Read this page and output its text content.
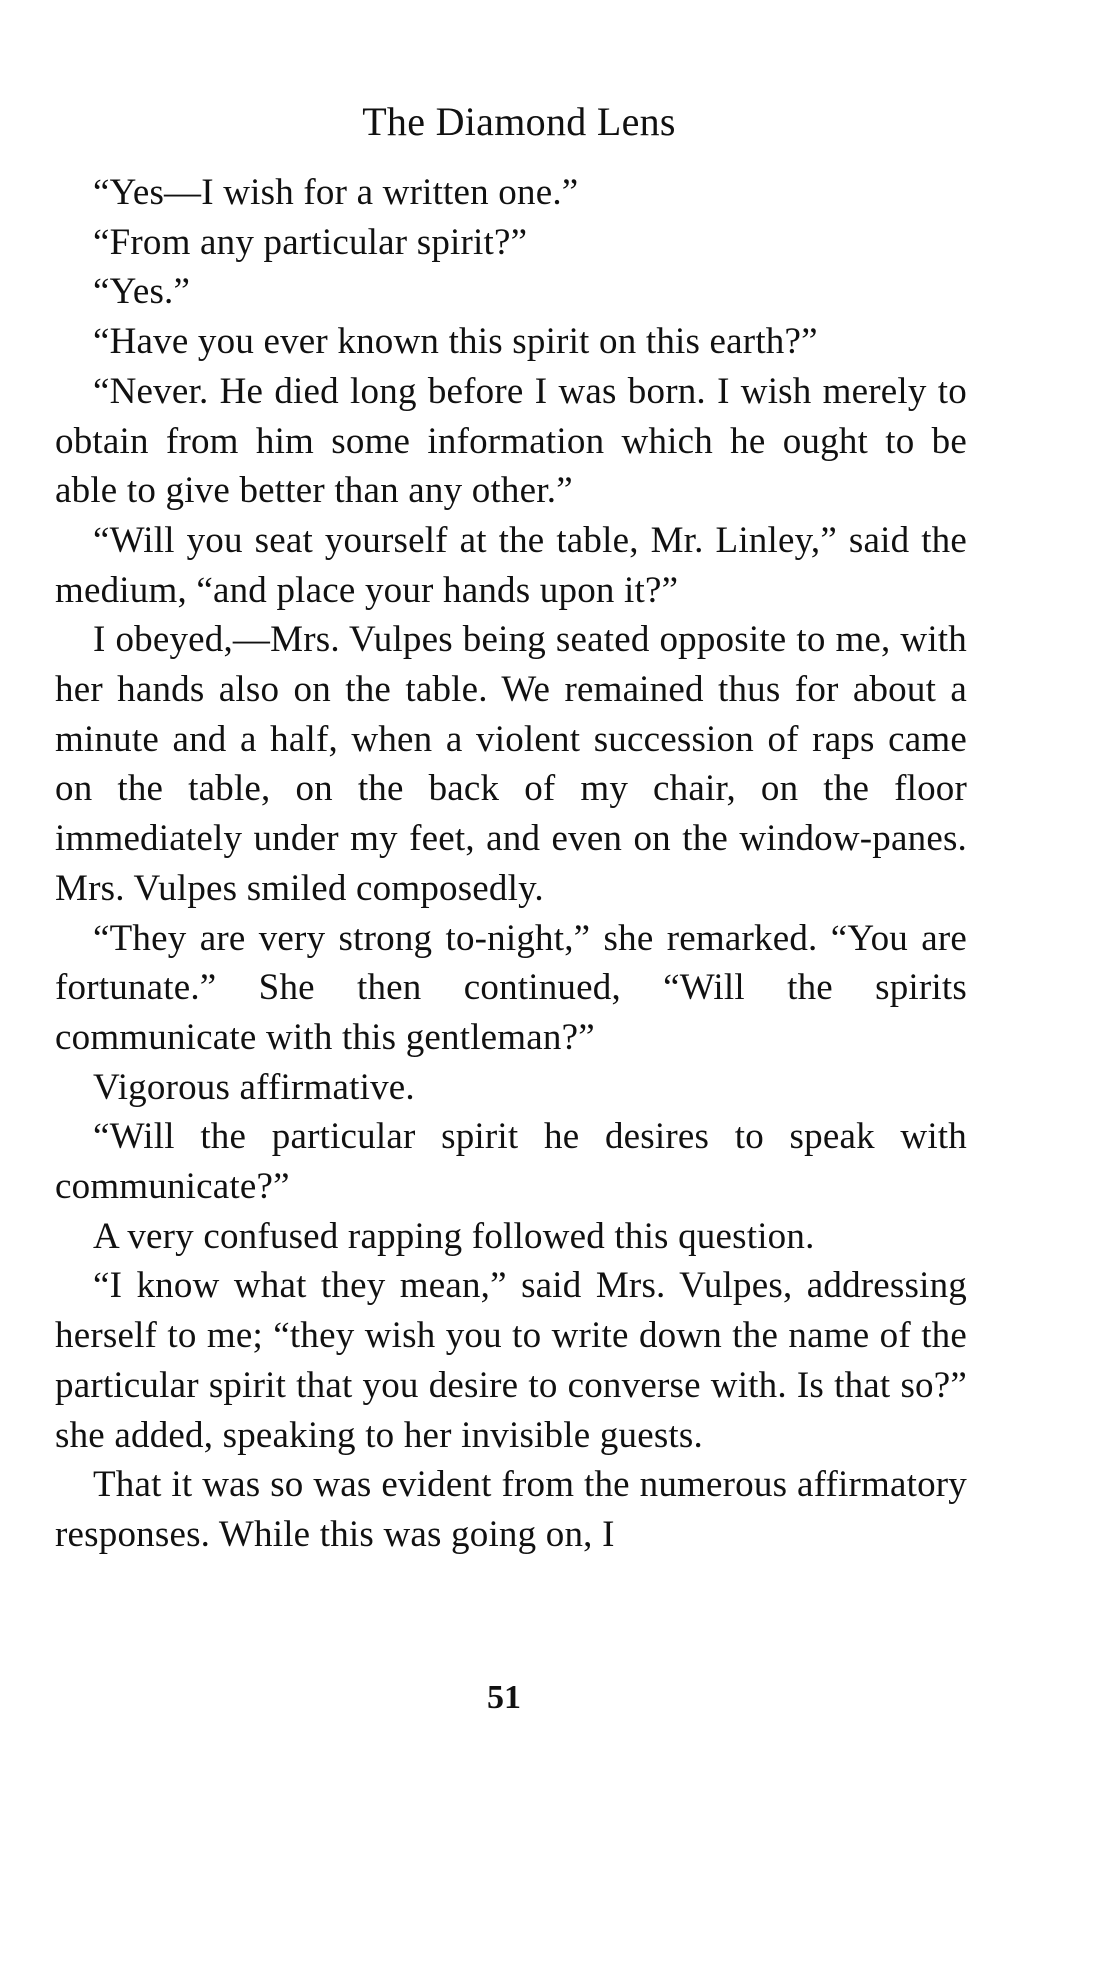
The Diamond Lens

“Yes—I wish for a written one.”

“From any particular spirit?”

“Yes.”

“Have you ever known this spirit on this earth?”

“Never. He died long before I was born. I wish merely to obtain from him some information which he ought to be able to give better than any other.”

“Will you seat yourself at the table, Mr. Linley,” said the medium, “and place your hands upon it?”

I obeyed,—Mrs. Vulpes being seated opposite to me, with her hands also on the table. We remained thus for about a minute and a half, when a violent succession of raps came on the table, on the back of my chair, on the floor immediately under my feet, and even on the window-panes. Mrs. Vulpes smiled composedly.

“They are very strong to-night,” she remarked. “You are fortunate.” She then continued, “Will the spirits communicate with this gentleman?”

Vigorous affirmative.

“Will the particular spirit he desires to speak with communicate?”

A very confused rapping followed this question.

“I know what they mean,” said Mrs. Vulpes, addressing herself to me; “they wish you to write down the name of the particular spirit that you desire to converse with. Is that so?” she added, speaking to her invisible guests.

That it was so was evident from the numerous affirmatory responses. While this was going on, I

51
